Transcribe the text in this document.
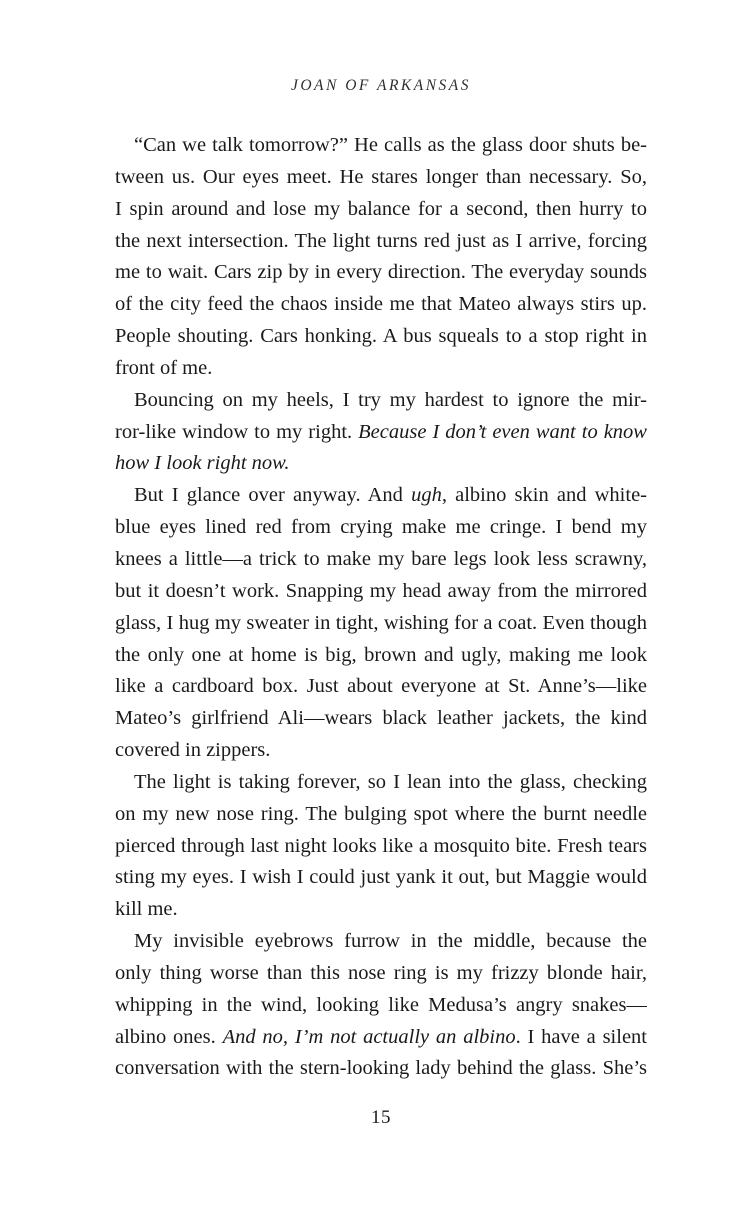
JOAN OF ARKANSAS
“Can we talk tomorrow?” He calls as the glass door shuts be-
tween us. Our eyes meet. He stares longer than necessary. So,
I spin around and lose my balance for a second, then hurry to
the next intersection. The light turns red just as I arrive, forcing
me to wait. Cars zip by in every direction. The everyday sounds
of the city feed the chaos inside me that Mateo always stirs up.
People shouting. Cars honking. A bus squeals to a stop right in
front of me.
Bouncing on my heels, I try my hardest to ignore the mir-
ror-like window to my right. Because I don’t even want to know
how I look right now.
But I glance over anyway. And ugh, albino skin and white-
blue eyes lined red from crying make me cringe. I bend my
knees a little—a trick to make my bare legs look less scrawny,
but it doesn’t work. Snapping my head away from the mirrored
glass, I hug my sweater in tight, wishing for a coat. Even though
the only one at home is big, brown and ugly, making me look
like a cardboard box. Just about everyone at St. Anne’s—like
Mateo’s girlfriend Ali—wears black leather jackets, the kind
covered in zippers.
The light is taking forever, so I lean into the glass, checking
on my new nose ring. The bulging spot where the burnt needle
pierced through last night looks like a mosquito bite. Fresh tears
sting my eyes. I wish I could just yank it out, but Maggie would
kill me.
My invisible eyebrows furrow in the middle, because the
only thing worse than this nose ring is my frizzy blonde hair,
whipping in the wind, looking like Medusa’s angry snakes—
albino ones. And no, I’m not actually an albino. I have a silent
conversation with the stern-looking lady behind the glass. She’s
15
